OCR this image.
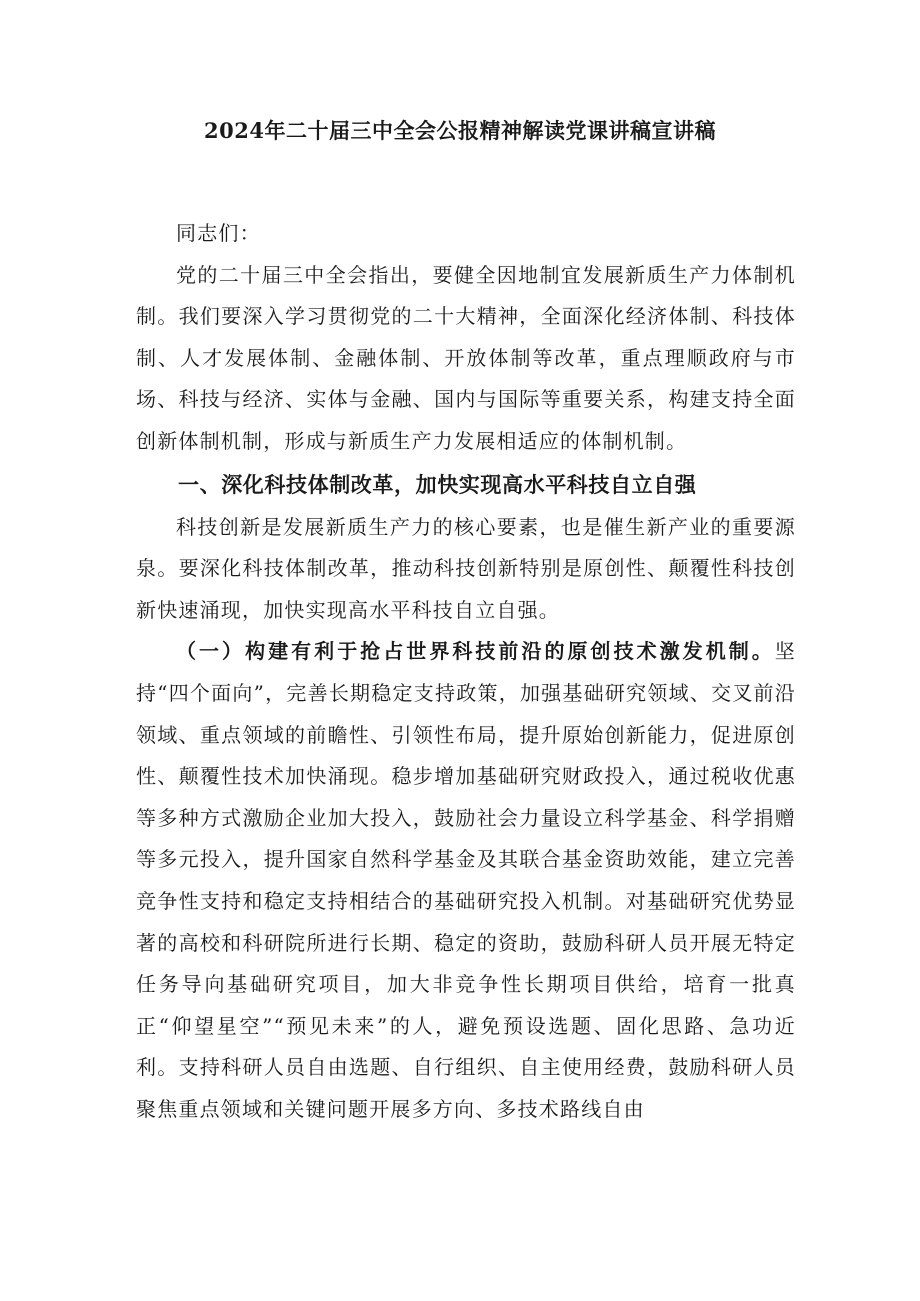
2024年二十届三中全会公报精神解读党课讲稿宣讲稿

同志们：

党的二十届三中全会指出，要健全因地制宜发展新质生产力体制机制。我们要深入学习贯彻党的二十大精神，全面深化经济体制、科技体制、人才发展体制、金融体制、开放体制等改革，重点理顺政府与市场、科技与经济、实体与金融、国内与国际等重要关系，构建支持全面创新体制机制，形成与新质生产力发展相适应的体制机制。

一、深化科技体制改革，加快实现高水平科技自立自强

科技创新是发展新质生产力的核心要素，也是催生新产业的重要源泉。要深化科技体制改革，推动科技创新特别是原创性、颠覆性科技创新快速涌现，加快实现高水平科技自立自强。

（一）构建有利于抢占世界科技前沿的原创技术激发机制。坚持“四个面向”，完善长期稳定支持政策，加强基础研究领域、交叉前沿领域、重点领域的前瞻性、引领性布局，提升原始创新能力，促进原创性、颠覆性技术加快涌现。稳步增加基础研究财政投入，通过税收优惠等多种方式激励企业加大投入，鼓励社会力量设立科学基金、科学捐赠等多元投入，提升国家自然科学基金及其联合基金资助效能，建立完善竞争性支持和稳定支持相结合的基础研究投入机制。对基础研究优势显著的高校和科研院所进行长期、稳定的资助，鼓励科研人员开展无特定任务导向基础研究项目，加大非竞争性长期项目供给，培育一批真正“仰望星空”“预见未来”的人，避免预设选题、固化思路、急功近利。支持科研人员自由选题、自行组织、自主使用经费，鼓励科研人员聚焦重点领域和关键问题开展多方向、多技术路线自由
